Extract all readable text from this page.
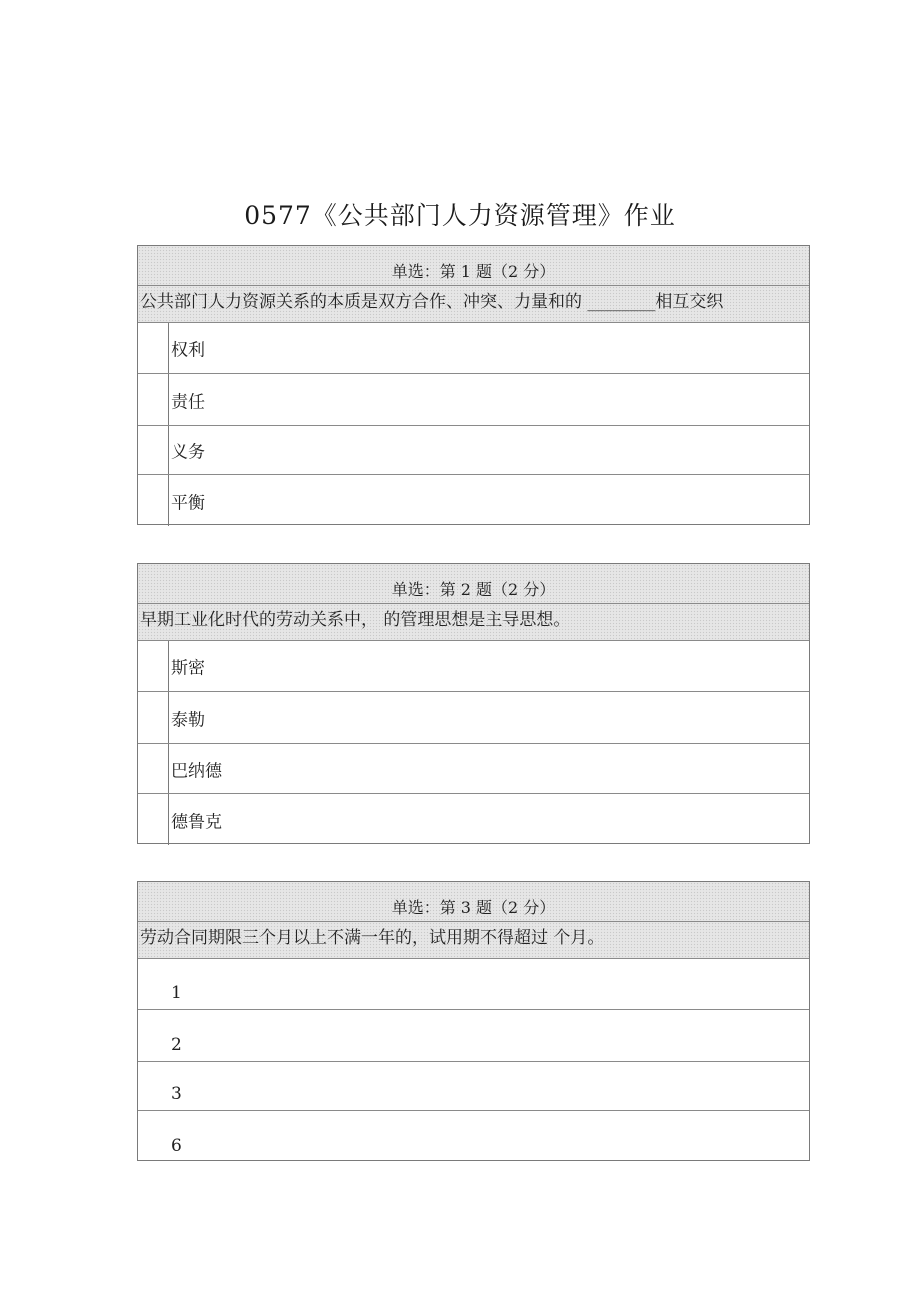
0577《公共部门人力资源管理》作业
单选：第 1 题（2 分）
公共部门人力资源关系的本质是双方合作、冲突、力量和的 ________相互交织
权利
责任
义务
平衡
单选：第 2 题（2 分）
早期工业化时代的劳动关系中， 的管理思想是主导思想。
斯密
泰勒
巴纳德
德鲁克
单选：第 3 题（2 分）
劳动合同期限三个月以上不满一年的，试用期不得超过 个月。
1
2
3
6
